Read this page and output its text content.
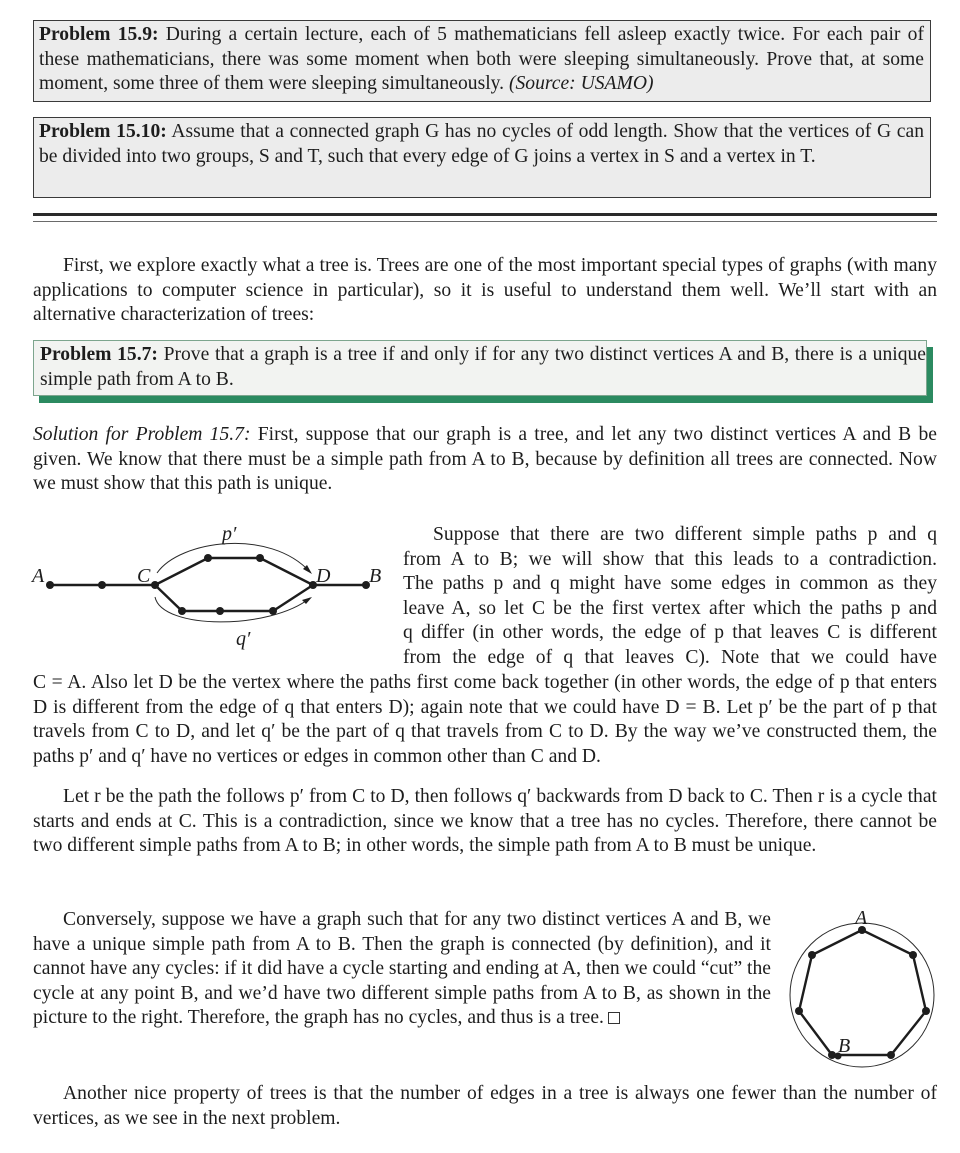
Problem 15.9: During a certain lecture, each of 5 mathematicians fell asleep exactly twice. For each pair of these mathematicians, there was some moment when both were sleeping simultaneously. Prove that, at some moment, some three of them were sleeping simultaneously. (Source: USAMO)
Problem 15.10: Assume that a connected graph G has no cycles of odd length. Show that the vertices of G can be divided into two groups, S and T, such that every edge of G joins a vertex in S and a vertex in T.
First, we explore exactly what a tree is. Trees are one of the most important special types of graphs (with many applications to computer science in particular), so it is useful to understand them well. We’ll start with an alternative characterization of trees:
Problem 15.7: Prove that a graph is a tree if and only if for any two distinct vertices A and B, there is a unique simple path from A to B.
Solution for Problem 15.7: First, suppose that our graph is a tree, and let any two distinct vertices A and B be given. We know that there must be a simple path from A to B, because by definition all trees are connected. Now we must show that this path is unique.
A	C	D B
p′
q′
Suppose that there are two different simple paths p and q
from A to B; we will show that this leads to a contradiction.
The paths p and q might have some edges in common as they
leave A, so let C be the first vertex after which the paths p and
q differ (in other words, the edge of p that leaves C is different
from the edge of q that leaves C). Note that we could have
C = A. Also let D be the vertex where the paths first come back together (in other words, the edge of p that enters D is different from the edge of q that enters D); again note that we could have D = B. Let p′ be the part of p that travels from C to D, and let q′ be the part of q that travels from C to D. By the way we’ve constructed them, the paths p′ and q′ have no vertices or edges in common other than C and D.
Let r be the path the follows p′ from C to D, then follows q′ backwards from D back to C. Then r is a cycle that starts and ends at C. This is a contradiction, since we know that a tree has no cycles. Therefore, there cannot be two different simple paths from A to B; in other words, the simple path from A to B must be unique.
Conversely, suppose we have a graph such that for any two distinct vertices A and B, we have a unique simple path from A to B. Then the graph is connected (by definition), and it cannot have any cycles: if it did have a cycle starting and ending at A, then we could “cut” the cycle at any point B, and we’d have two different simple paths from A to B, as shown in the picture to the right. Therefore, the graph has no cycles, and thus is a tree.
A
B
Another nice property of trees is that the number of edges in a tree is always one fewer than the number of vertices, as we see in the next problem.
